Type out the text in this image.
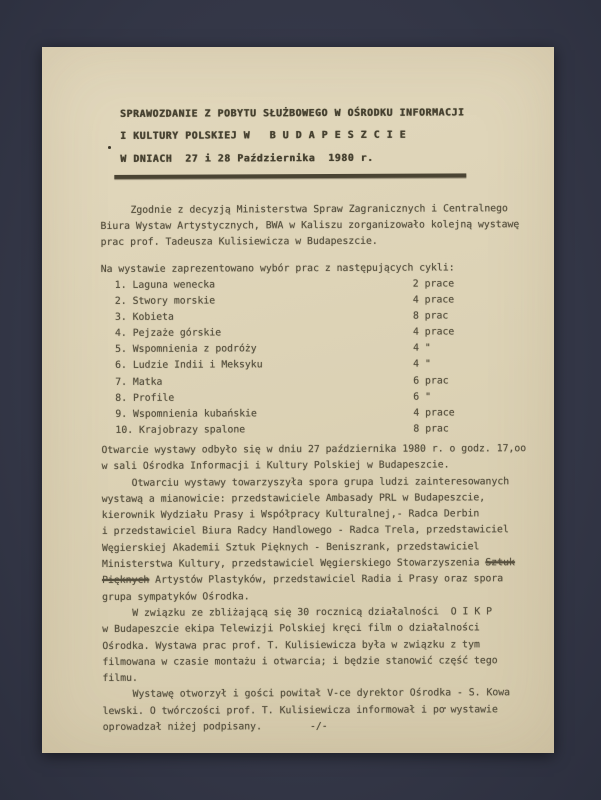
SPRAWOZDANIE Z POBYTU SŁUŻBOWEGO W OŚRODKU INFORMACJI
I KULTURY POLSKIEJ W   B U D A P E S Z C I E
W DNIACH  27 i 28 Października  1980 r.
Zgodnie z decyzją Ministerstwa Spraw Zagranicznych i Centralnego
Biura Wystaw Artystycznych, BWA w Kaliszu zorganizowało kolejną wystawę
prac prof. Tadeusza Kulisiewicza w Budapeszcie.
Na wystawie zaprezentowano wybór prac z następujących cykli:
1. Laguna wenecka	2 prace
2. Stwory morskie	4 prace
3. Kobieta	8 prac
4. Pejzaże górskie	4 prace
5. Wspomnienia z podróży	4 "
6. Ludzie Indii i Meksyku	4 "
7. Matka	6 prac
8. Profile	6 "
9. Wspomnienia kubańskie	4 prace
10. Krajobrazy spalone	8 prac
Otwarcie wystawy odbyło się w dniu 27 października 1980 r. o godz. 17,oo
w sali Ośrodka Informacji i Kultury Polskiej w Budapeszcie.
Otwarciu wystawy towarzyszyła spora grupa ludzi zainteresowanych
wystawą a mianowicie: przedstawiciele Ambasady PRL w Budapeszcie,
kierownik Wydziału Prasy i Współpracy Kulturalnej,- Radca Derbin
i przedstawiciel Biura Radcy Handlowego - Radca Trela, przedstawiciel
Węgierskiej Akademii Sztuk Pięknych - Beniszrank, przedstawiciel
Ministerstwa Kultury, przedstawiciel Węgierskiego Stowarzyszenia Sztuk
Pięknych Artystów Plastyków, przedstawiciel Radia i Prasy oraz spora
grupa sympatyków Ośrodka.
W związku ze zbliżającą się 30 rocznicą działalności  O I K P
w Budapeszcie ekipa Telewizji Polskiej kręci film o działalności
Ośrodka. Wystawa prac prof. T. Kulisiewicza była w związku z tym
filmowana w czasie montażu i otwarcia; i będzie stanowić część tego
filmu.
Wystawę otworzył i gości powitał V-ce dyrektor Ośrodka - S. Kowa
lewski. O twórczości prof. T. Kulisiewicza informował i po wystawie
oprowadzał niżej podpisany.	-/-
